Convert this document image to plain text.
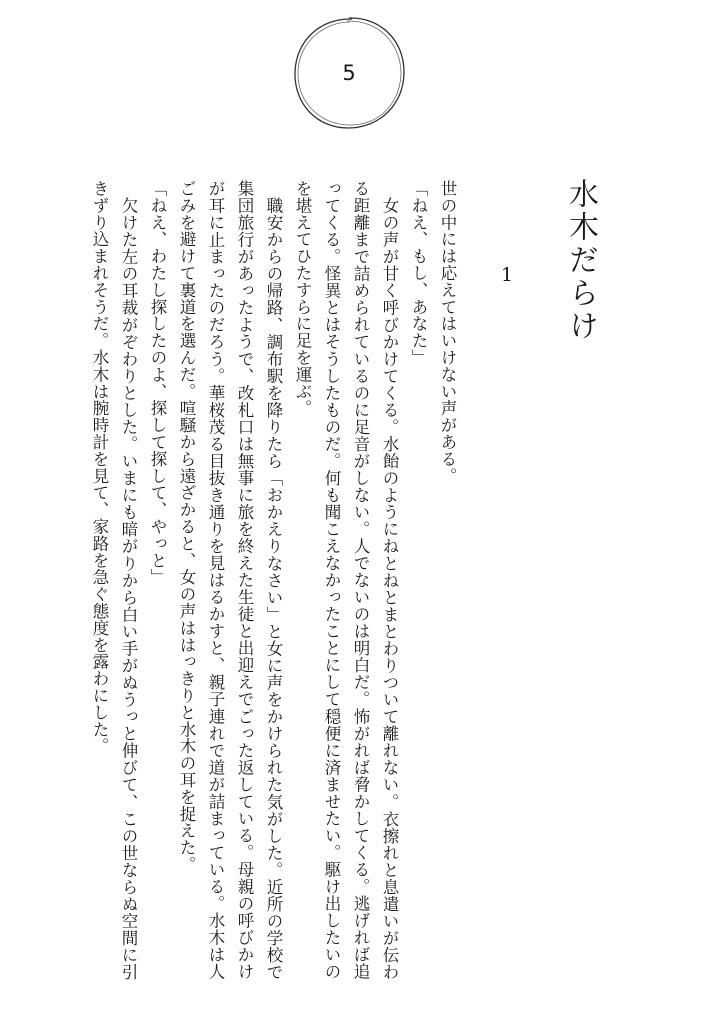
5
水木だらけ
1

世の中には応えてはいけない声がある。

「ねえ、もし、あなた」

女の声が甘く呼びかけてくる。水飴のようにねとねとまとわりついて離れない。衣擦れと息遣いが伝わる距離まで詰められているのに足音がしない。人でないのは明白だ。怖がれば脅かしてくる。逃げれば追ってくる。怪異とはそうしたものだ。何も聞こえなかったことにして穏便に済ませたい。駆け出したいのを堪えてひたすらに足を運ぶ。

職安からの帰路、調布駅を降りたら「おかえりなさい」と女に声をかけられた気がした。近所の学校で集団旅行があったようで、改札口は無事に旅を終えた生徒と出迎えでごった返している。母親の呼びかけが耳に止まったのだろう。華桜茂る目抜き通りを見はるかすと、親子連れで道が詰まっている。水木は人ごみを避けて裏道を選んだ。喧騒から遠ざかると、女の声ははっきりと水木の耳を捉えた。

「ねえ、わたし探したのよ、探して探して、やっと」

欠けた左の耳裁がぞわりとした。いまにも暗がりから白い手がぬうっと伸びて、この世ならぬ空間に引きずり込まれそうだ。水木は腕時計を見て、家路を急ぐ態度を露わにした。
